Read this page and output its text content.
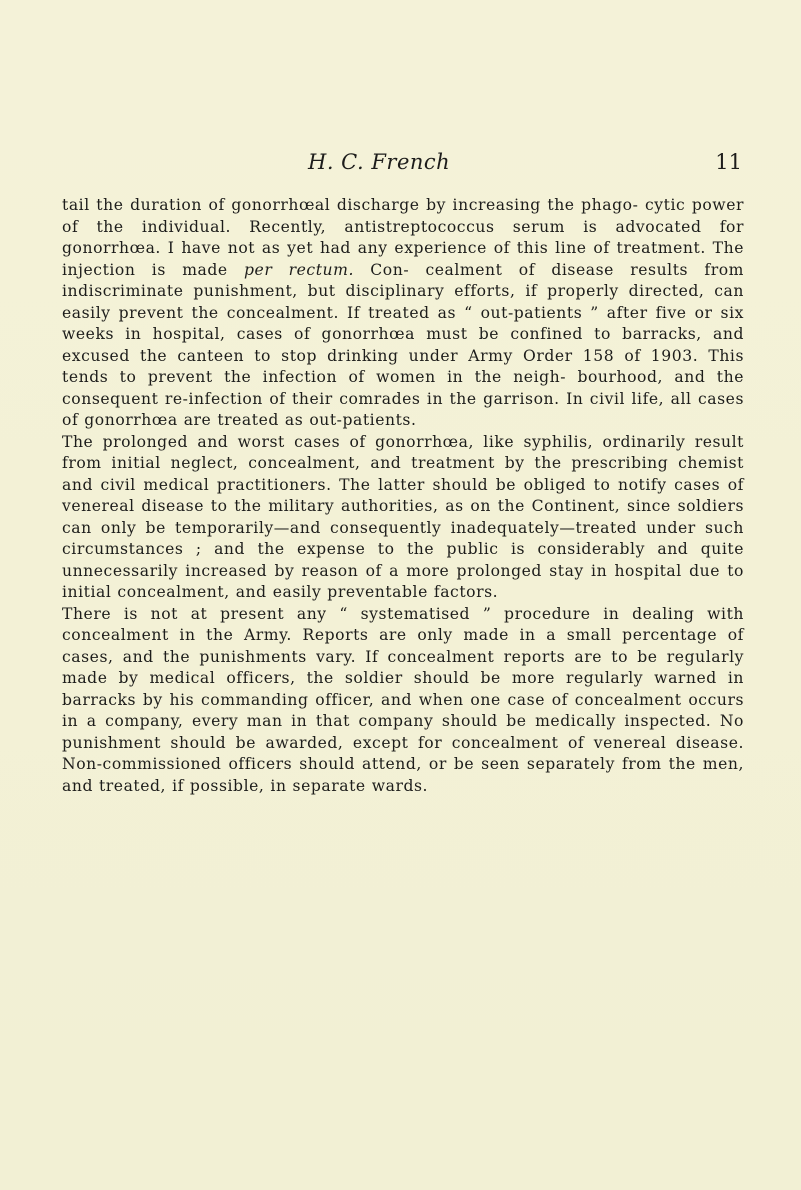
H. C. French	11

tail the duration of gonorrhœal discharge by increasing the phago- cytic power of the individual. Recently, antistreptococcus serum is advocated for gonorrhœa. I have not as yet had any experience of this line of treatment. The injection is made per rectum. Con- cealment of disease results from indiscriminate punishment, but disciplinary efforts, if properly directed, can easily prevent the concealment. If treated as “ out-patients ” after five or six weeks in hospital, cases of gonorrhœa must be confined to barracks, and excused the canteen to stop drinking under Army Order 158 of 1903. This tends to prevent the infection of women in the neigh- bourhood, and the consequent re-infection of their comrades in the garrison. In civil life, all cases of gonorrhœa are treated as out-patients.

The prolonged and worst cases of gonorrhœa, like syphilis, ordinarily result from initial neglect, concealment, and treatment by the prescribing chemist and civil medical practitioners. The latter should be obliged to notify cases of venereal disease to the military authorities, as on the Continent, since soldiers can only be temporarily—and consequently inadequately—treated under such circumstances ; and the expense to the public is considerably and quite unnecessarily increased by reason of a more prolonged stay in hospital due to initial concealment, and easily preventable factors.

There is not at present any “ systematised ” procedure in dealing with concealment in the Army. Reports are only made in a small percentage of cases, and the punishments vary. If concealment reports are to be regularly made by medical officers, the soldier should be more regularly warned in barracks by his commanding officer, and when one case of concealment occurs in a company, every man in that company should be medically inspected. No punishment should be awarded, except for concealment of venereal disease. Non-commissioned officers should attend, or be seen separately from the men, and treated, if possible, in separate wards.
